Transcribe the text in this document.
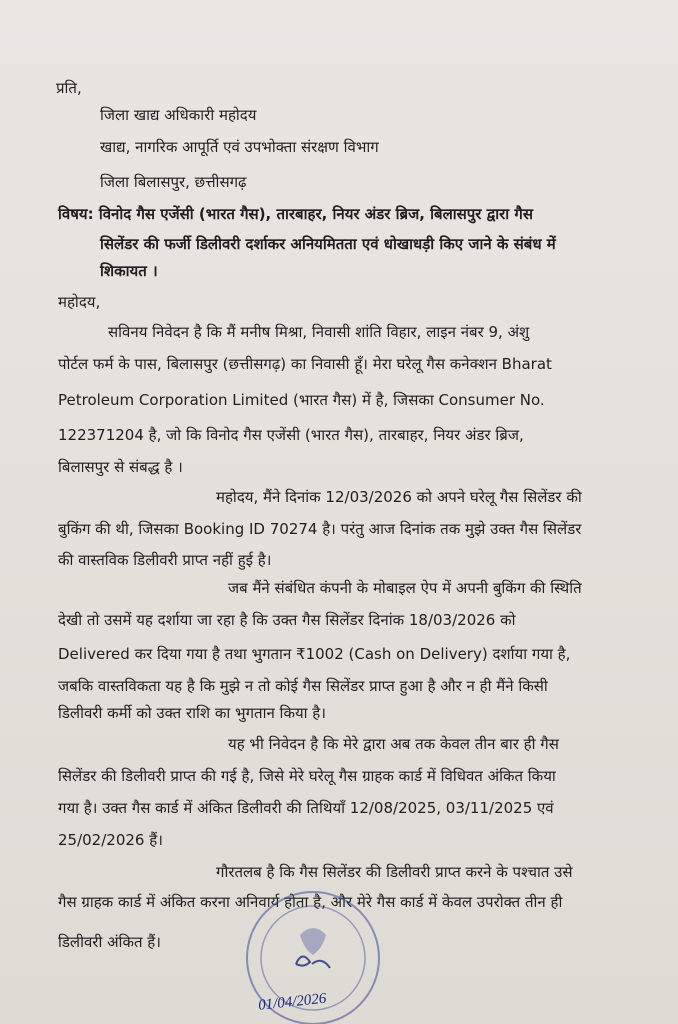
प्रति,
जिला खाद्य अधिकारी महोदय
खाद्य, नागरिक आपूर्ति एवं उपभोक्ता संरक्षण विभाग
जिला बिलासपुर, छत्तीसगढ़
विषय: विनोद गैस एजेंसी (भारत गैस), तारबाहर, नियर अंडर ब्रिज, बिलासपुर द्वारा गैस
सिलेंडर की फर्जी डिलीवरी दर्शाकर अनियमितता एवं धोखाधड़ी किए जाने के संबंध में
शिकायत ।
महोदय,
सविनय निवेदन है कि मैं मनीष मिश्रा, निवासी शांति विहार, लाइन नंबर 9, अंशु
पोर्टल फर्म के पास, बिलासपुर (छत्तीसगढ़) का निवासी हूँ। मेरा घरेलू गैस कनेक्शन Bharat
Petroleum Corporation Limited (भारत गैस) में है, जिसका Consumer No.
122371204 है, जो कि विनोद गैस एजेंसी (भारत गैस), तारबाहर, नियर अंडर ब्रिज,
बिलासपुर से संबद्ध है ।
महोदय, मैंने दिनांक 12/03/2026 को अपने घरेलू गैस सिलेंडर की
बुकिंग की थी, जिसका Booking ID 70274 है। परंतु आज दिनांक तक मुझे उक्त गैस सिलेंडर
की वास्तविक डिलीवरी प्राप्त नहीं हुई है।
जब मैंने संबंधित कंपनी के मोबाइल ऐप में अपनी बुकिंग की स्थिति
देखी तो उसमें यह दर्शाया जा रहा है कि उक्त गैस सिलेंडर दिनांक 18/03/2026 को
Delivered कर दिया गया है तथा भुगतान ₹1002 (Cash on Delivery) दर्शाया गया है,
जबकि वास्तविकता यह है कि मुझे न तो कोई गैस सिलेंडर प्राप्त हुआ है और न ही मैंने किसी
डिलीवरी कर्मी को उक्त राशि का भुगतान किया है।
यह भी निवेदन है कि मेरे द्वारा अब तक केवल तीन बार ही गैस
सिलेंडर की डिलीवरी प्राप्त की गई है, जिसे मेरे घरेलू गैस ग्राहक कार्ड में विधिवत अंकित किया
गया है। उक्त गैस कार्ड में अंकित डिलीवरी की तिथियाँ 12/08/2025, 03/11/2025 एवं
25/02/2026 हैं।
गौरतलब है कि गैस सिलेंडर की डिलीवरी प्राप्त करने के पश्चात उसे
गैस ग्राहक कार्ड में अंकित करना अनिवार्य होता है, और मेरे गैस कार्ड में केवल उपरोक्त तीन ही
डिलीवरी अंकित हैं।
01/04/2026
